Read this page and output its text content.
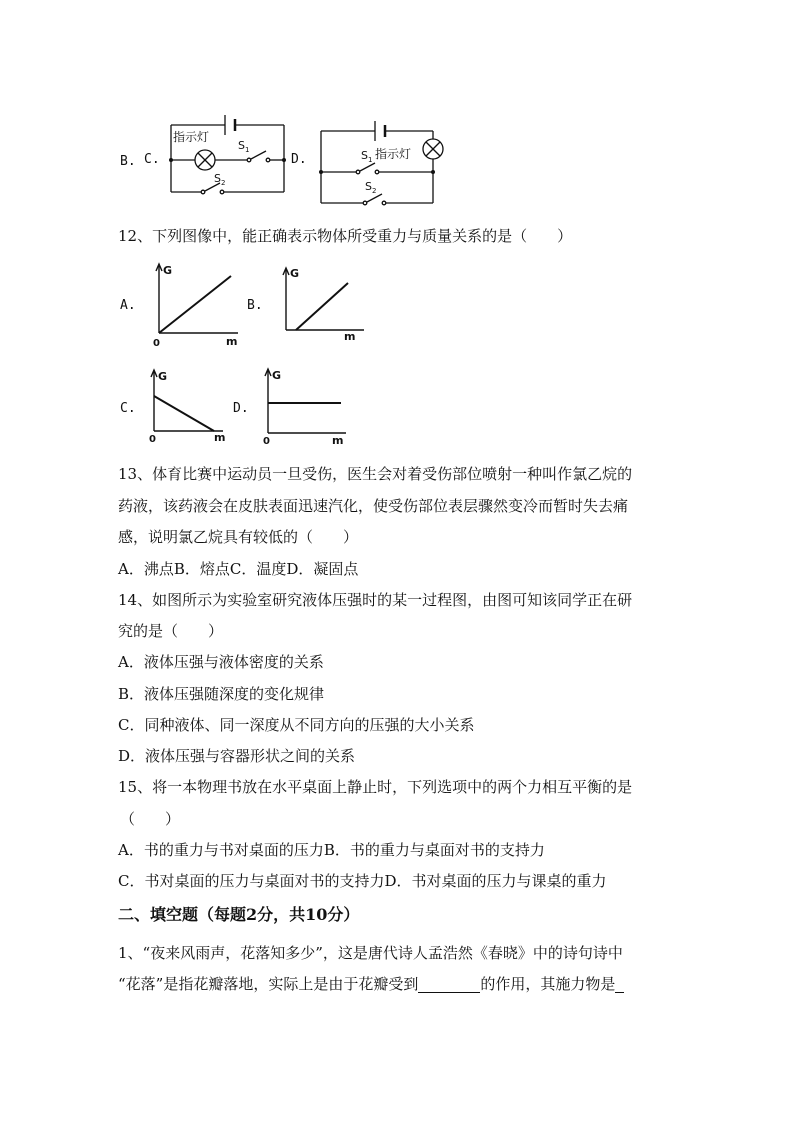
B. C.	D.
指示灯
$S_1$
$S_2$
指示灯
$S_1$
$S_2$
12、下列图像中，能正确表示物体所受重力与质量关系的是（　　）
A.	B.
C.	D.
G
0	m
G
m
G
0	m
G
0	m
13、体育比赛中运动员一旦受伤，医生会对着受伤部位喷射一种叫作氯乙烷的
药液，该药液会在皮肤表面迅速汽化，使受伤部位表层骤然变冷而暂时失去痛
感，说明氯乙烷具有较低的（　　）
A．沸点B．熔点C．温度D．凝固点
14、如图所示为实验室研究液体压强时的某一过程图，由图可知该同学正在研
究的是（　　）
A．液体压强与液体密度的关系
B．液体压强随深度的变化规律
C．同种液体、同一深度从不同方向的压强的大小关系
D．液体压强与容器形状之间的关系
15、将一本物理书放在水平桌面上静止时，下列选项中的两个力相互平衡的是
（　　）
A．书的重力与书对桌面的压力B．书的重力与桌面对书的支持力
C．书对桌面的压力与桌面对书的支持力D．书对桌面的压力与课桌的重力
二、填空题（每题2分，共10分）
1、“夜来风雨声，花落知多少”，这是唐代诗人孟浩然《春晓》中的诗句诗中
“花落”是指花瓣落地，实际上是由于花瓣受到	的作用，其施力物是
